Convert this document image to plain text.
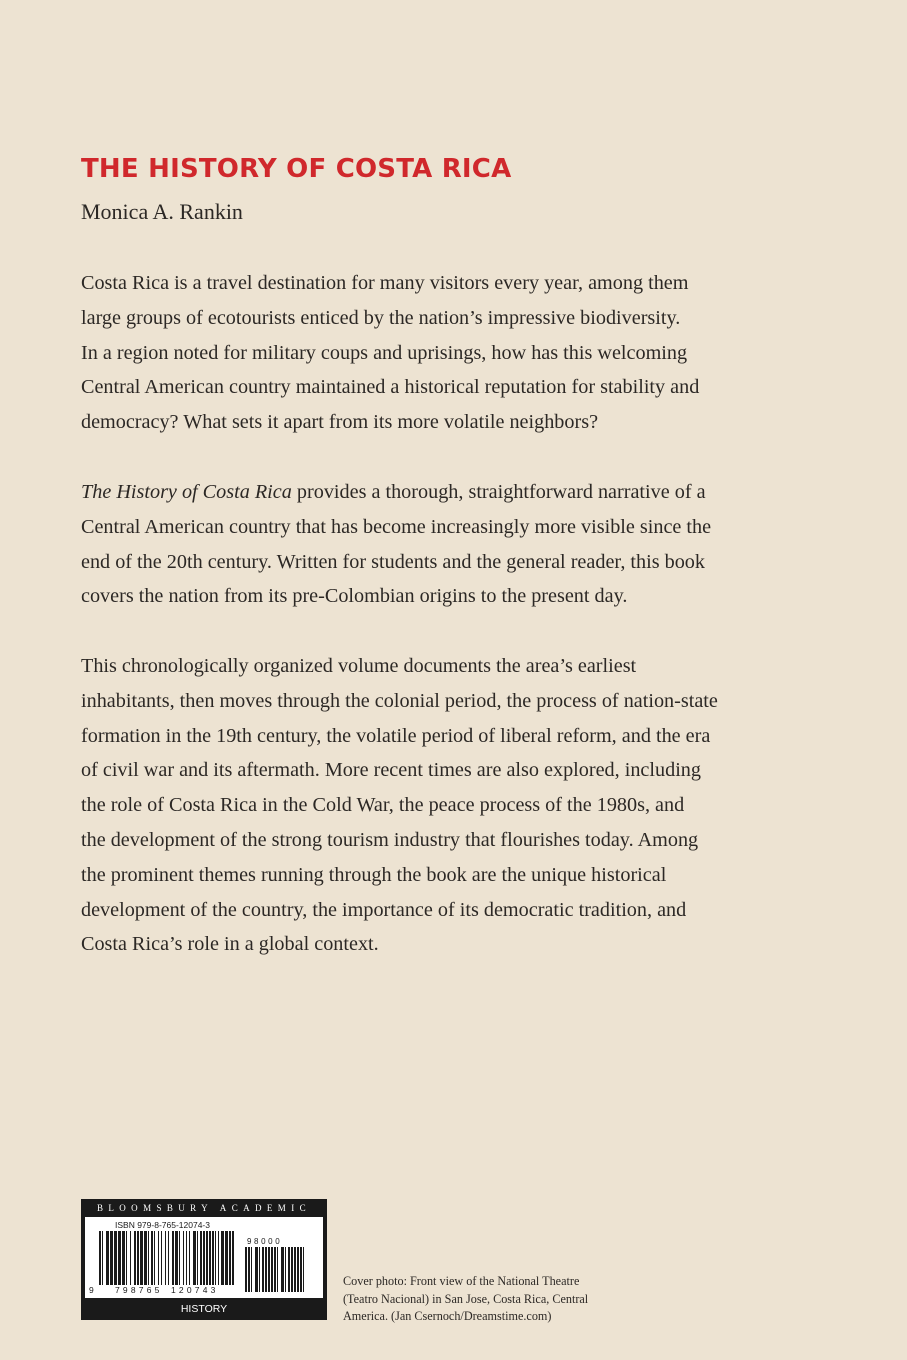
THE HISTORY OF COSTA RICA
Monica A. Rankin
Costa Rica is a travel destination for many visitors every year, among them
large groups of ecotourists enticed by the nation’s impressive biodiversity.
In a region noted for military coups and uprisings, how has this welcoming
Central American country maintained a historical reputation for stability and
democracy? What sets it apart from its more volatile neighbors?
The History of Costa Rica provides a thorough, straightforward narrative of a
Central American country that has become increasingly more visible since the
end of the 20th century. Written for students and the general reader, this book
covers the nation from its pre-Colombian origins to the present day.
This chronologically organized volume documents the area’s earliest
inhabitants, then moves through the colonial period, the process of nation-state
formation in the 19th century, the volatile period of liberal reform, and the era
of civil war and its aftermath. More recent times are also explored, including
the role of Costa Rica in the Cold War, the peace process of the 1980s, and
the development of the strong tourism industry that flourishes today. Among
the prominent themes running through the book are the unique historical
development of the country, the importance of its democratic tradition, and
Costa Rica’s role in a global context.
BLOOMSBURY ACADEMIC
ISBN 979-8-765-12074-3
9	798765 120743
98000
HISTORY
Cover photo: Front view of the National Theatre
(Teatro Nacional) in San Jose, Costa Rica, Central
America. (Jan Csernoch/Dreamstime.com)
